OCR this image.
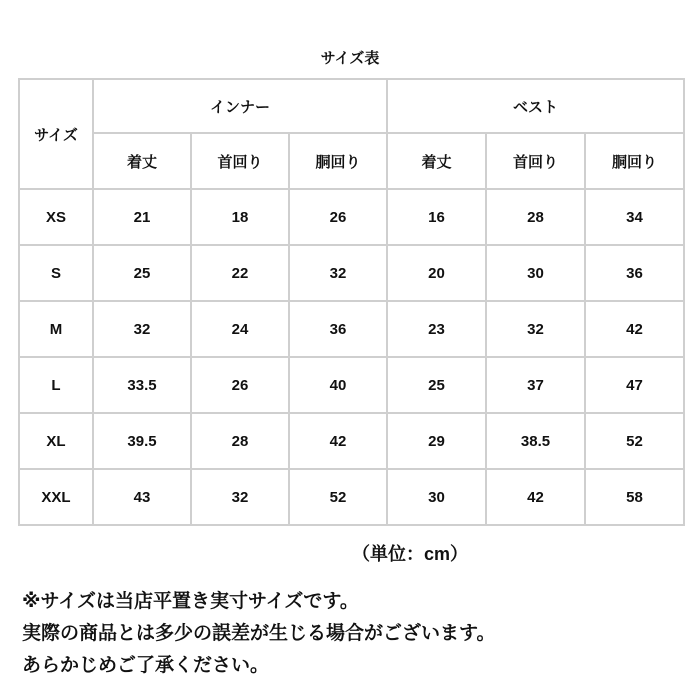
サイズ表
サイズ	インナー			ベスト		
	着丈	首回り	胴回り	着丈	首回り	胴回り
XS	21	18	26	16	28	34
S	25	22	32	20	30	36
M	32	24	36	23	32	42
L	33.5	26	40	25	37	47
XL	39.5	28	42	29	38.5	52
XXL	43	32	52	30	42	58
（単位：cm）
※サイズは当店平置き実寸サイズです。
実際の商品とは多少の誤差が生じる場合がございます。
あらかじめご了承ください。
